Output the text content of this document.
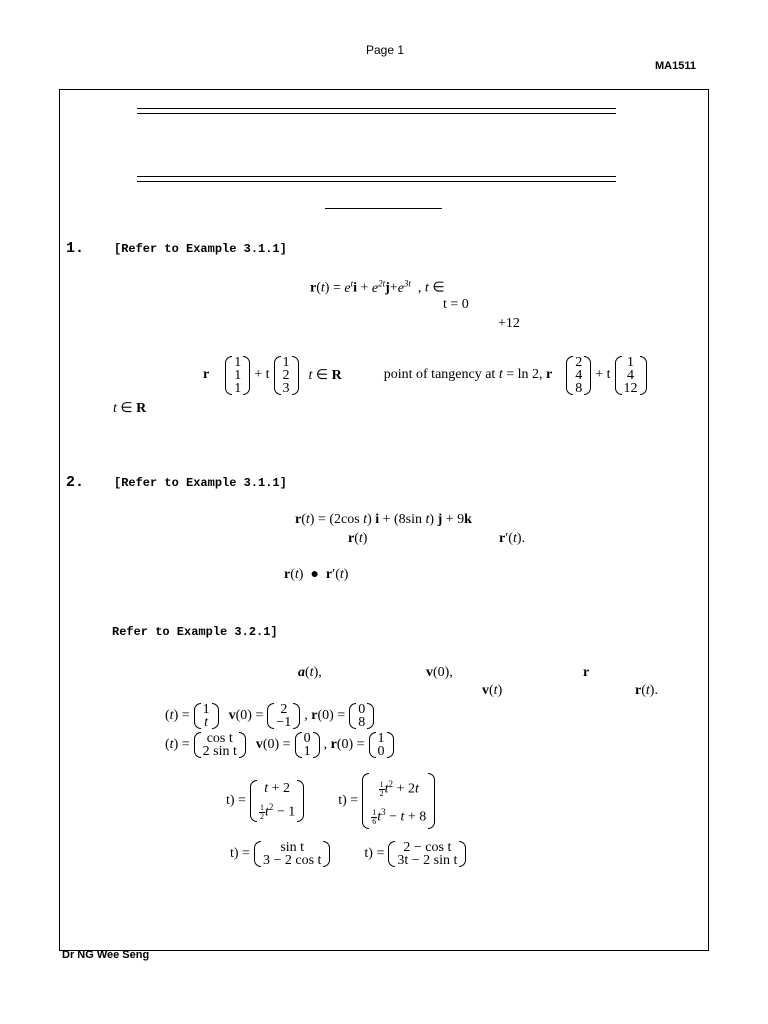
Page 1
MA1511
1. [Refer to Example 3.1.1]
$r(t) = e^ti + e^{2t}j+e^{3t}$  , t ∈
t = 0
+12
r
1
1
1
+ t
1
2
3
t ∈ R	point of tangency at t = ln 2, r
2
4
8
+ t
1
4
12
t ∈ R
2. [Refer to Example 3.1.1]
r(t) = (2cos t) i + (8sin t) j + 9k
r(t)	r′(t).
r(t)  ●  r′(t)
Refer to Example 3.2.1]
a(t),	v(0),	r
v(t)	r(t).
(t) = 1
t v(0) = 2
−1 , r(0) = 0
8
(t) = cos t
2 sin t v(0) = 0
1 , r(0) = 1
0
t) =
t + 2
$\frac{1}{2} t^2 - 1$
t) =
$\frac{1}{2} t^2 + 2t$
$\frac{1}{6} t^3 - t + 8$
t) = sin t
3 − 2 cos t	t) = 2 − cos t
3t − 2 sin t
Dr NG Wee Seng
